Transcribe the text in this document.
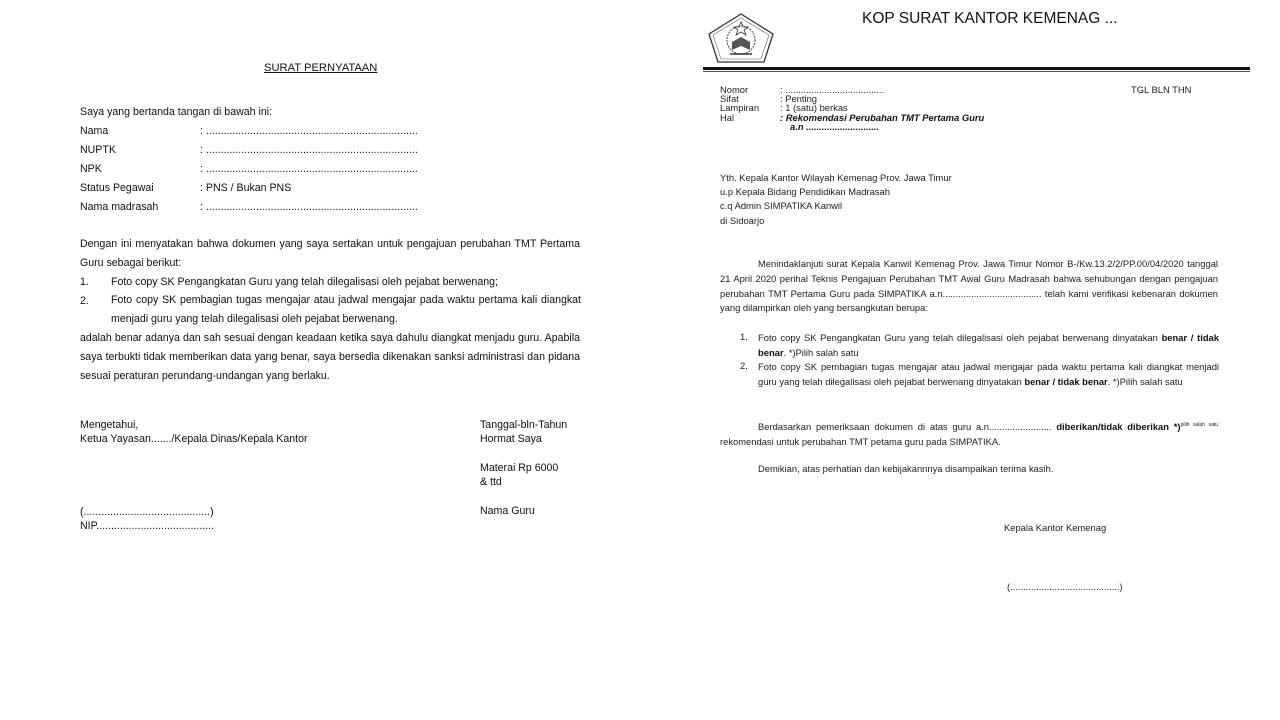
SURAT PERNYATAAN
Saya yang bertanda tangan di bawah ini:
Nama	: ........................................................................
NUPTK	: ........................................................................
NPK	: ........................................................................
Status Pegawai	: PNS / Bukan PNS
Nama madrasah	: ........................................................................
Dengan ini menyatakan bahwa dokumen yang saya sertakan untuk pengajuan perubahan TMT Pertama Guru sebagai berikut:
1. Foto copy SK Pengangkatan Guru yang telah dilegalisasi oleh pejabat berwenang;
2. Foto copy SK pembagian tugas mengajar atau jadwal mengajar pada waktu pertama kali diangkat menjadi guru yang telah dilegalisasi oleh pejabat berwenang.
adalah benar adanya dan sah sesuai dengan keadaan ketika saya dahulu diangkat menjadu guru. Apabila saya terbukti tidak memberikan data yang benar, saya bersedia dikenakan sanksi administrasi dan pidana sesuai peraturan perundang-undangan yang berlaku.
Mengetahui,
Ketua Yayasan......./Kepala Dinas/Kepala Kantor
(...........................................)
NIP........................................
Tanggal-bln-Tahun
Hormat Saya
Materai Rp 6000
& ttd
Nama Guru
KOP SURAT KANTOR KEMENAG ...
TGL BLN THN
Nomor	: ......................................
Sifat	: Penting
Lampiran : 1 (satu) berkas
Hal	: Rekomendasi Perubahan TMT Pertama Guru
a.n ............................
Yth. Kepala Kantor Wilayah Kemenag Prov. Jawa Timur
u.p Kepala Bidang Pendidikan Madrasah
c.q Admin SIMPATIKA Kanwil
di Sidoarjo
Menindaklanjuti surat Kepala Kanwil Kemenag Prov. Jawa Timur Nomor B-/Kw.13.2/2/PP.00/04/2020 tanggal 21 April 2020 perihal Teknis Pengajuan Perubahan TMT Awal Guru Madrasah bahwa sehubungan dengan pengajuan perubahan TMT Pertama Guru pada SIMPATIKA a.n...................................... telah kami verifikasi kebenaran dokumen yang dilampirkan oleh yang bersangkutan berupa:
1. Foto copy SK Pengangkatan Guru yang telah dilegalisasi oleh pejabat berwenang dinyatakan benar / tidak benar. *)Pilih salah satu
2. Foto copy SK pembagian tugas mengajar atau jadwal mengajar pada waktu pertama kali diangkat menjadi guru yang telah dilegalisasi oleh pejabat berwenang dinyatakan benar / tidak benar. *)Pilih salah satu
Berdasarkan pemeriksaan dokumen di atas guru a.n........................ diberikan/tidak diberikan *)$^{pilih salah satu}$ rekomendasi untuk perubahan TMT petama guru pada SIMPATIKA.
Demikian, atas perhatian dan kebijakannnya disampaikan terima kasih.
Kepala Kantor Kemenag
(..........................................)
